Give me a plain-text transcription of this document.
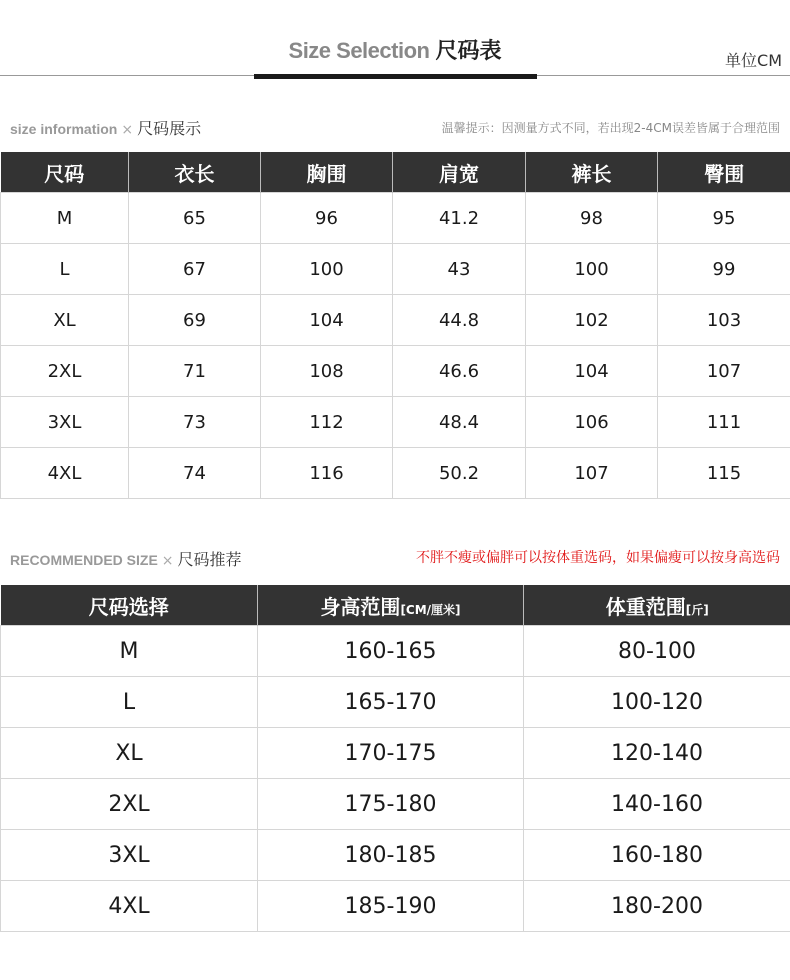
Size Selection 尺码表	单位CM
size information × 尺码展示	温馨提示：因测量方式不同，若出现2-4CM误差皆属于合理范围
尺码	衣长	胸围	肩宽	裤长	臀围
M	65	96	41.2	98	95
L	67	100	43	100	99
XL	69	104	44.8	102	103
2XL	71	108	46.6	104	107
3XL	73	112	48.4	106	111
4XL	74	116	50.2	107	115
RECOMMENDED SIZE × 尺码推荐	不胖不瘦或偏胖可以按体重选码，如果偏瘦可以按身高选码
尺码选择	身高范围[CM/厘米]	体重范围[斤]
M	160-165	80-100
L	165-170	100-120
XL	170-175	120-140
2XL	175-180	140-160
3XL	180-185	160-180
4XL	185-190	180-200
